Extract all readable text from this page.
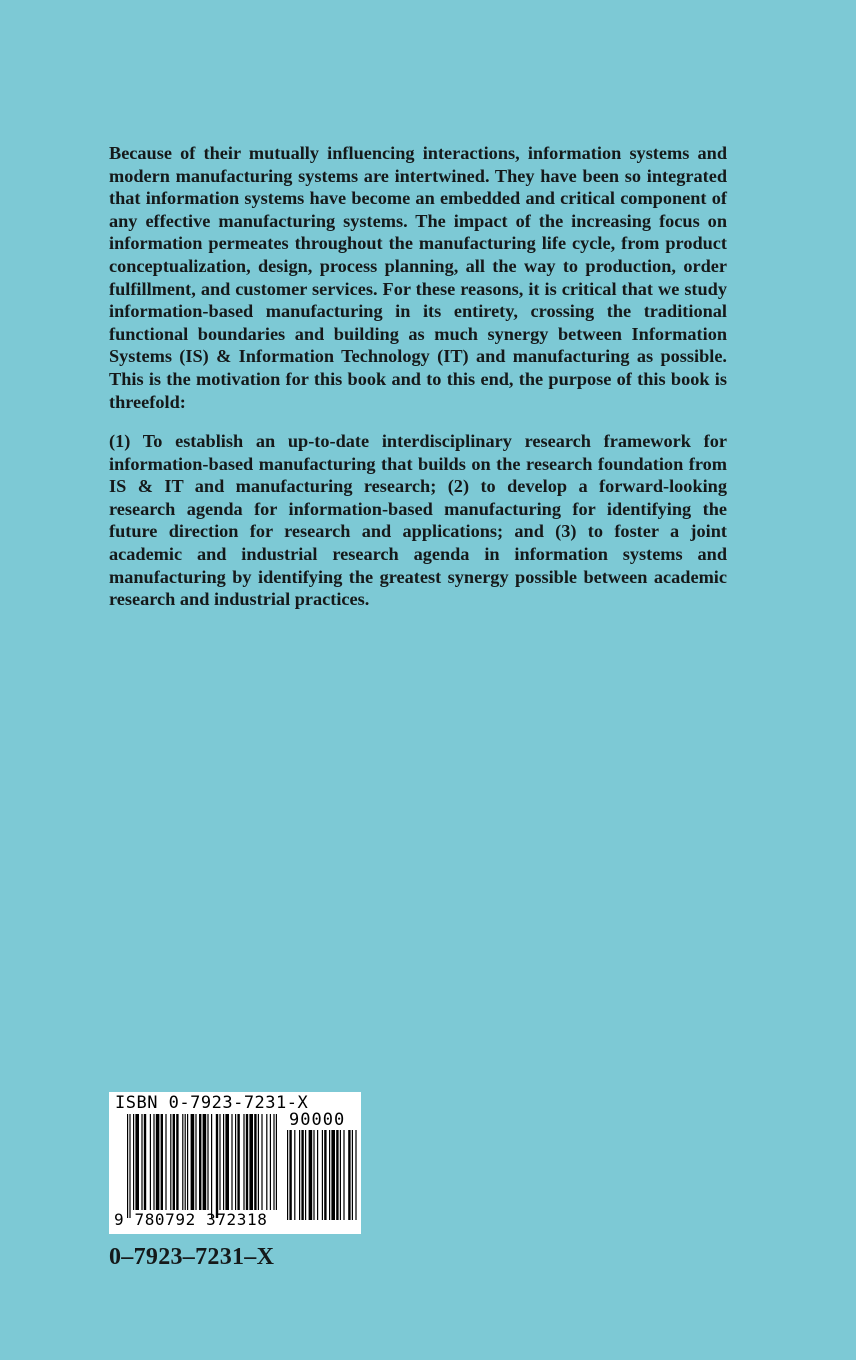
Because of their mutually influencing interactions, information systems and modern manufacturing systems are intertwined. They have been so integrated that information systems have become an embedded and critical component of any effective manufacturing systems. The impact of the increasing focus on information permeates throughout the manufacturing life cycle, from product conceptualization, design, process planning, all the way to production, order fulfillment, and customer services. For these reasons, it is critical that we study information-based manufacturing in its entirety, crossing the traditional functional boundaries and building as much synergy between Information Systems (IS) & Information Technology (IT) and manufacturing as possible. This is the motivation for this book and to this end, the purpose of this book is threefold:

(1) To establish an up-to-date interdisciplinary research framework for information-based manufacturing that builds on the research foundation from IS & IT and manufacturing research; (2) to develop a forward-looking research agenda for information-based manufacturing for identifying the future direction for research and applications; and (3) to foster a joint academic and industrial research agenda in information systems and manufacturing by identifying the greatest synergy possible between academic research and industrial practices.

ISBN 0-7923-7231-X
90000
9 780792 372318
0–7923–7231–X
